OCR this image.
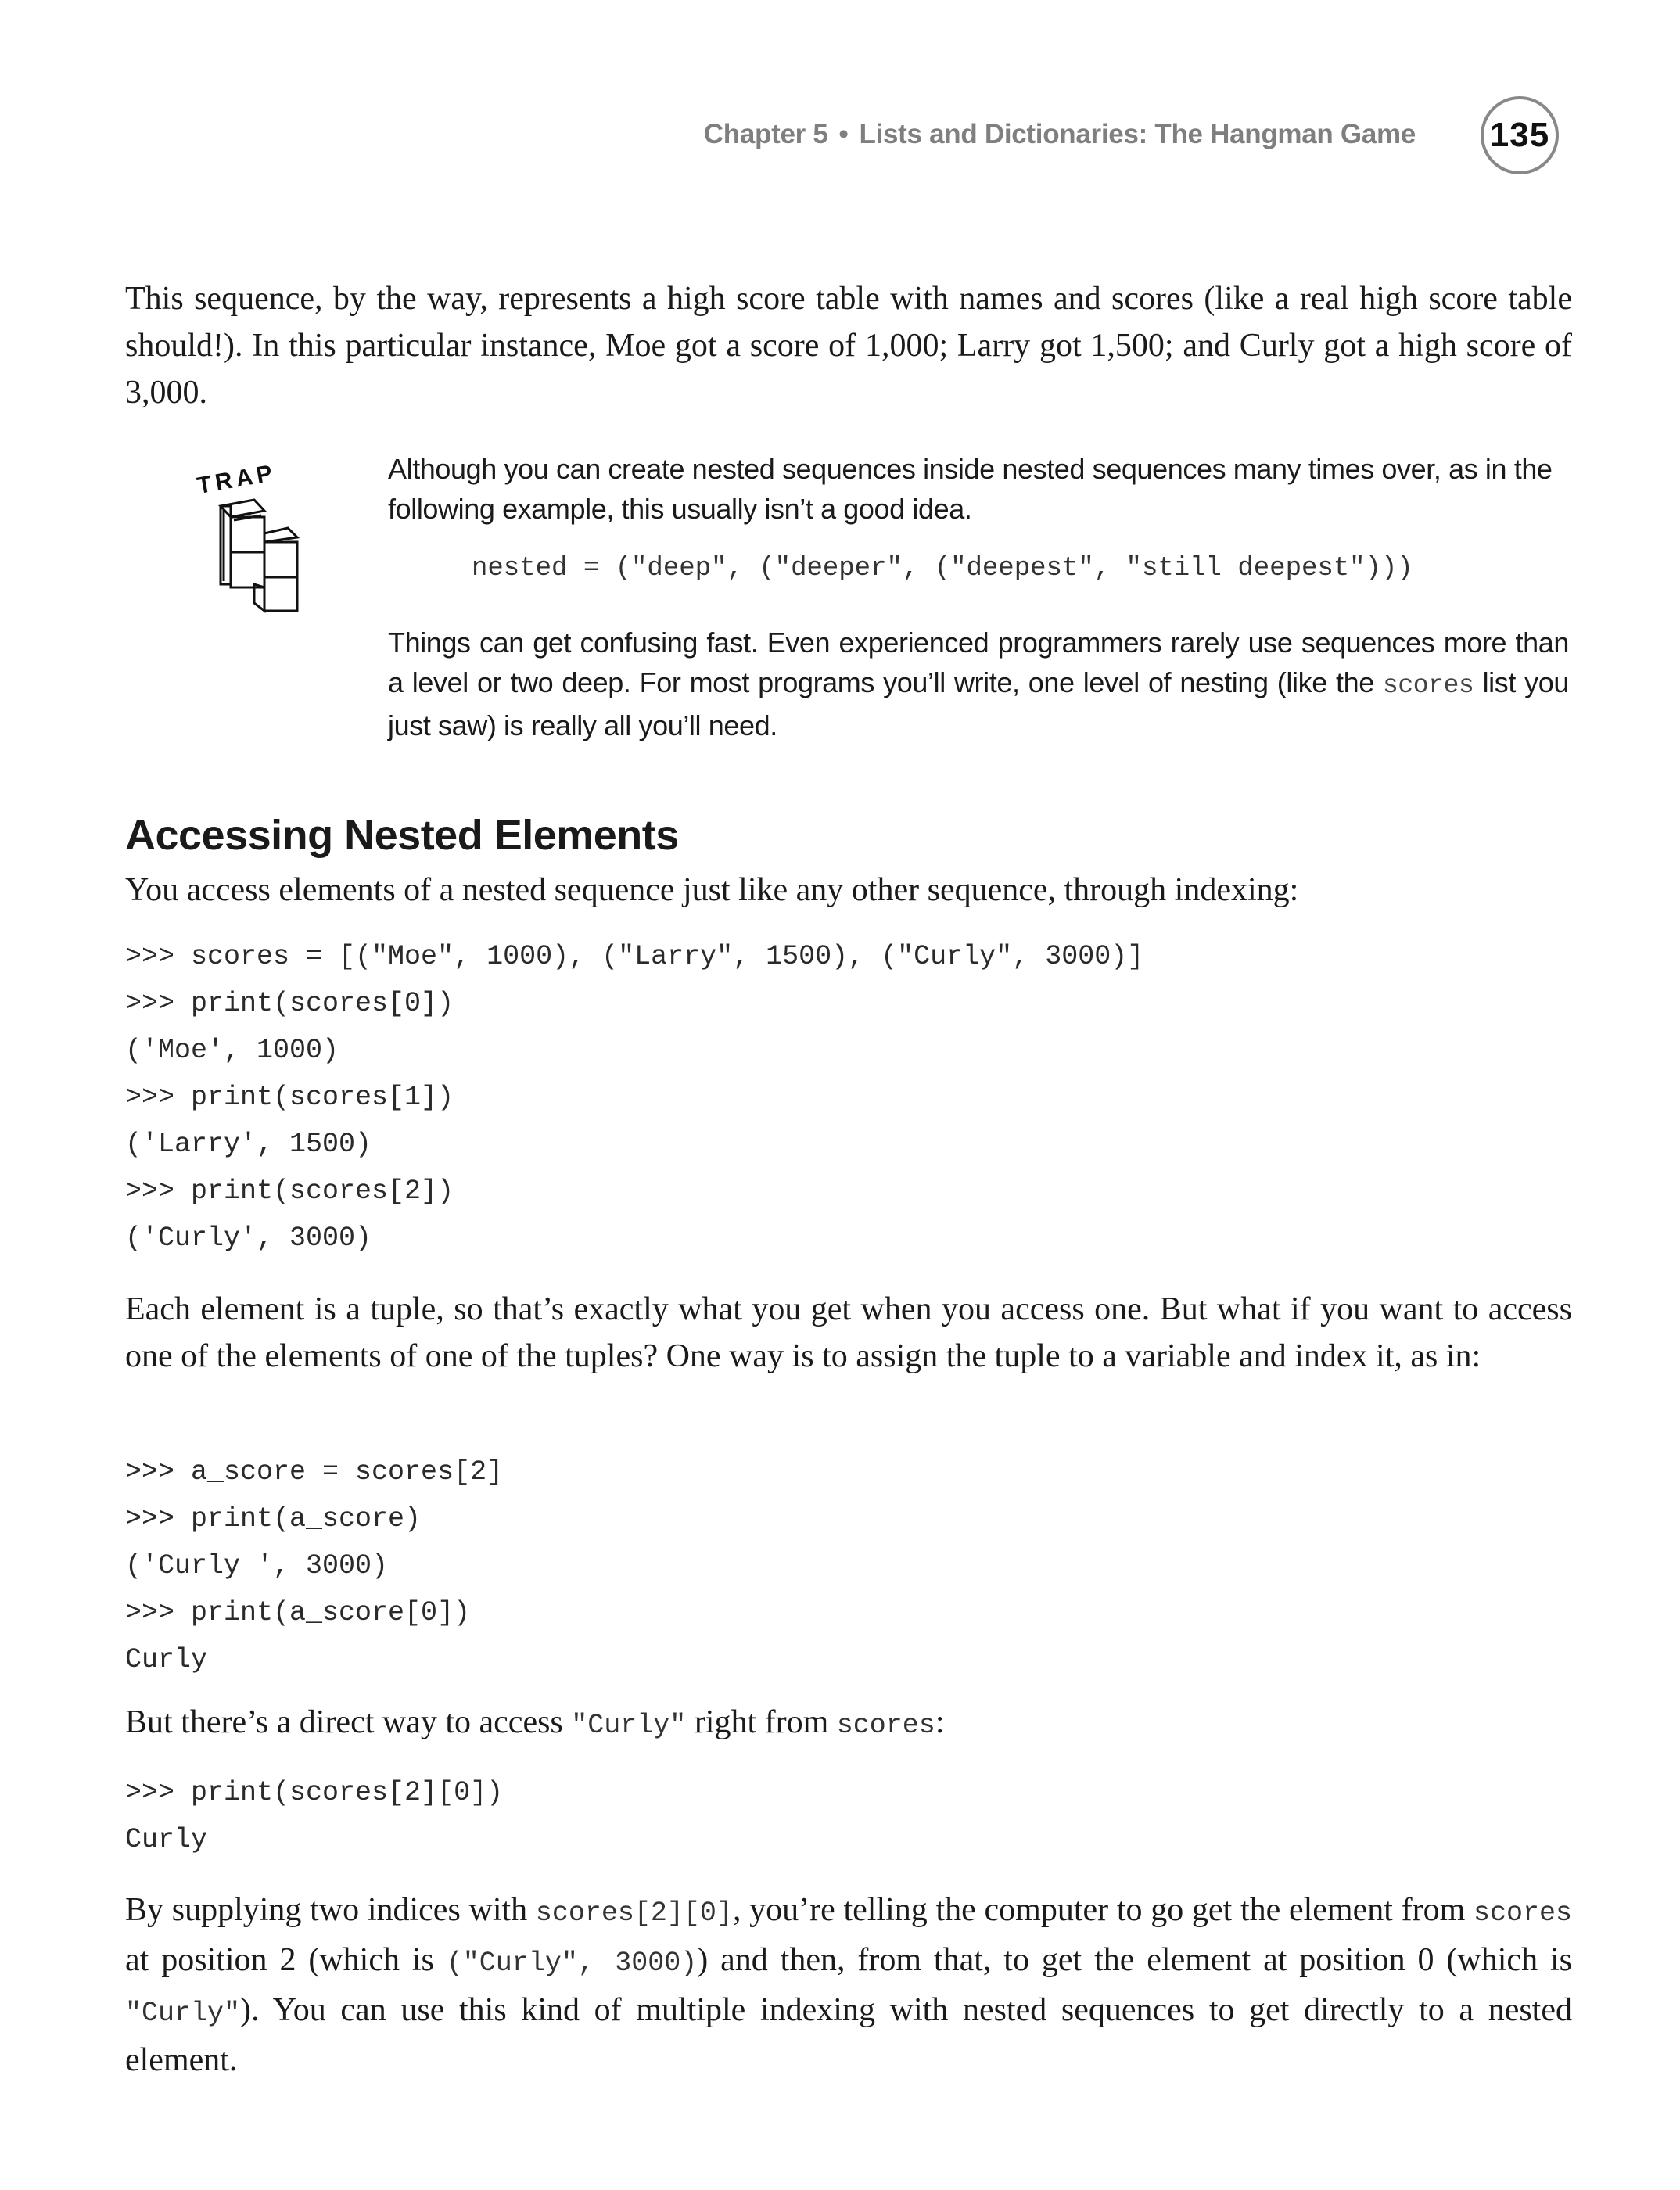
Chapter 5 • Lists and Dictionaries: The Hangman Game 135

This sequence, by the way, represents a high score table with names and scores (like a real high score table should!). In this particular instance, Moe got a score of 1,000; Larry got 1,500; and Curly got a high score of 3,000.

TRAP	Although you can create nested sequences inside nested sequences many times over, as in the following example, this usually isn’t a good idea.

nested = ("deep", ("deeper", ("deepest", "still deepest")))

Things can get confusing fast. Even experienced programmers rarely use sequences more than a level or two deep. For most programs you’ll write, one level of nesting (like the scores list you just saw) is really all you’ll need.

Accessing Nested Elements

You access elements of a nested sequence just like any other sequence, through indexing:

>>> scores = [("Moe", 1000), ("Larry", 1500), ("Curly", 3000)]
>>> print(scores[0])
('Moe', 1000)
>>> print(scores[1])
('Larry', 1500)
>>> print(scores[2])
('Curly', 3000)

Each element is a tuple, so that’s exactly what you get when you access one. But what if you want to access one of the elements of one of the tuples? One way is to assign the tuple to a variable and index it, as in:

>>> a_score = scores[2]
>>> print(a_score)
('Curly ', 3000)
>>> print(a_score[0])
Curly

But there’s a direct way to access "Curly" right from scores:

>>> print(scores[2][0])
Curly

By supplying two indices with scores[2][0], you’re telling the computer to go get the element from scores at position 2 (which is ("Curly", 3000)) and then, from that, to get the element at position 0 (which is "Curly"). You can use this kind of multiple indexing with nested sequences to get directly to a nested element.
